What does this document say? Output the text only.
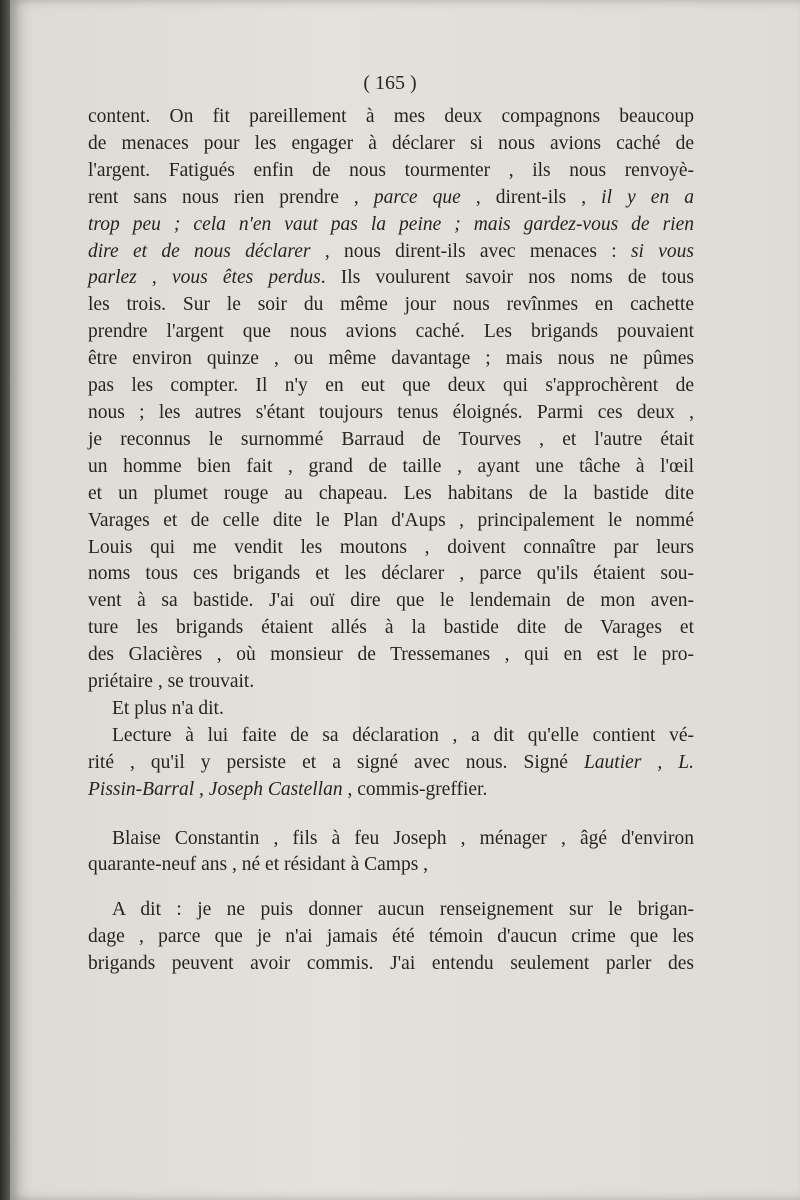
( 165 )
content. On fit pareillement à mes deux compagnons beaucoup
de menaces pour les engager à déclarer si nous avions caché de
l'argent. Fatigués enfin de nous tourmenter , ils nous renvoyè-
rent sans nous rien prendre , parce que , dirent-ils , il y en a
trop peu ; cela n'en vaut pas la peine ; mais gardez-vous de rien
dire et de nous déclarer , nous dirent-ils avec menaces : si vous
parlez , vous êtes perdus. Ils voulurent savoir nos noms de tous
les trois. Sur le soir du même jour nous revînmes en cachette
prendre l'argent que nous avions caché. Les brigands pouvaient
être environ quinze , ou même davantage ; mais nous ne pûmes
pas les compter. Il n'y en eut que deux qui s'approchèrent de
nous ; les autres s'étant toujours tenus éloignés. Parmi ces deux ,
je reconnus le surnommé Barraud de Tourves , et l'autre était
un homme bien fait , grand de taille , ayant une tâche à l'œil
et un plumet rouge au chapeau. Les habitans de la bastide dite
Varages et de celle dite le Plan d'Aups , principalement le nommé
Louis qui me vendit les moutons , doivent connaître par leurs
noms tous ces brigands et les déclarer , parce qu'ils étaient sou-
vent à sa bastide. J'ai ouï dire que le lendemain de mon aven-
ture les brigands étaient allés à la bastide dite de Varages et
des Glacières , où monsieur de Tressemanes , qui en est le pro-
priétaire , se trouvait.
Et plus n'a dit.
Lecture à lui faite de sa déclaration , a dit qu'elle contient vé-
rité , qu'il y persiste et a signé avec nous. Signé Lautier , L.
Pissin-Barral , Joseph Castellan , commis-greffier.
Blaise Constantin , fils à feu Joseph , ménager , âgé d'environ
quarante-neuf ans , né et résidant à Camps ,
A dit : je ne puis donner aucun renseignement sur le brigan-
dage , parce que je n'ai jamais été témoin d'aucun crime que les
brigands peuvent avoir commis. J'ai entendu seulement parler des
